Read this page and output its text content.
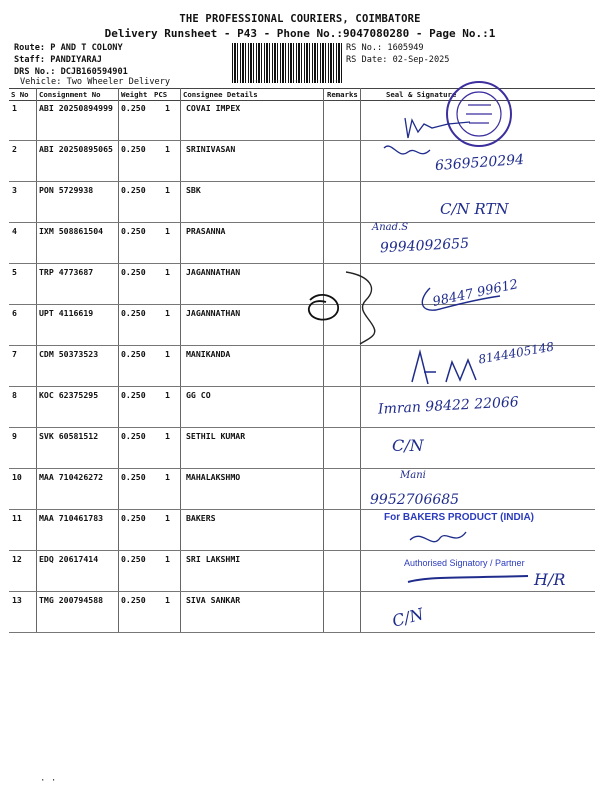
THE PROFESSIONAL COURIERS, COIMBATORE
Delivery Runsheet - P43 - Phone No.:9047080280 - Page No.:1
Route: P AND T COLONY
Staff: PANDIYARAJ
DRS No.: DCJB160594901
Vehicle: Two Wheeler Delivery
RS No.: 1605949
RS Date: 02-Sep-2025
S No Consignment No	Weight PCS Consignee Details	Remarks	Seal & Signature
1	ABI 20250894999 0.250 1 COVAI IMPEX
2	ABI 20250895065 0.250 1 SRINIVASAN
3	PON 5729938	0.250 1 SBK
4	IXM 508861504 0.250 1 PRASANNA
5	TRP 4773687	0.250 1 JAGANNATHAN
6	UPT 4116619	0.250 1 JAGANNATHAN
7	CDM 50373523	0.250 1 MANIKANDA
8	KOC 62375295	0.250 1 GG CO
9	SVK 60581512	0.250 1 SETHIL KUMAR
10 MAA 710426272 0.250 1 MAHALAKSHMO
11 MAA 710461783 0.250 1 BAKERS
12 EDQ 20617414	0.250 1 SRI LAKSHMI
13 TMG 200794588 0.250 1 SIVA SANKAR
6369520294
C/N RTN
Anad.S
9994092655
98447 99612
8144405148
Imran 98422 22066
C/N
Mani
9952706685
H/R
C/N
For BAKERS PRODUCT (INDIA)
Authorised Signatory / Partner
· ·
